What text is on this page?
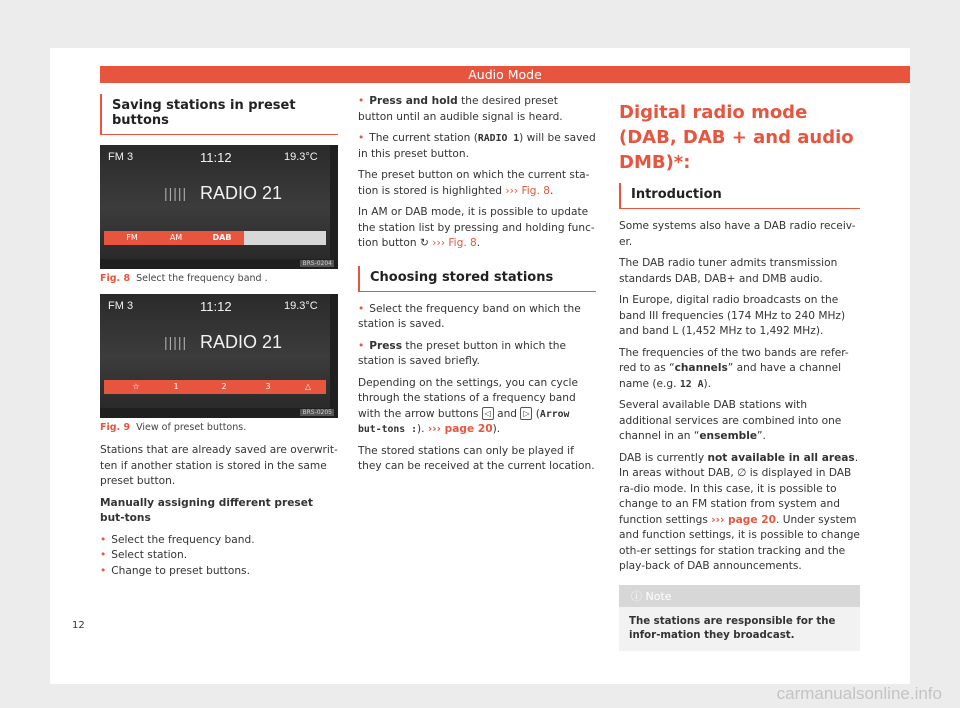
Audio Mode
Saving stations in preset buttons
FM 3	11:12	19.3°C
||||| RADIO 21
FM	AM	DAB
BRS-0204
Fig. 8 Select the frequency band .
FM 3	11:12	19.3°C
||||| RADIO 21
☆	1	2	3	△
BRS-0205
Fig. 9 View of preset buttons.

Stations that are already saved are overwrit-ten if another station is stored in the same preset button.

Manually assigning different preset but-tons

• Select the frequency band.

• Select station.

• Change to preset buttons.

• Press and hold the desired preset button until an audible signal is heard.

• The current station (RADIO 1) will be saved in this preset button.

The preset button on which the current sta-tion is stored is highlighted ››› Fig. 8.

In AM or DAB mode, it is possible to update the station list by pressing and holding func-tion button ↻ ››› Fig. 8.

Choosing stored stations

• Select the frequency band on which the station is saved.

• Press the preset button in which the station is saved briefly.

Depending on the settings, you can cycle through the stations of a frequency band with the arrow buttons ◁ and ▷ (Arrow but-tons :). ››› page 20).

The stored stations can only be played if they can be received at the current location.

Digital radio mode (DAB, DAB + and audio DMB)*:
Introduction

Some systems also have a DAB radio receiv-er.

The DAB radio tuner admits transmission standards DAB, DAB+ and DMB audio.

In Europe, digital radio broadcasts on the band III frequencies (174 MHz to 240 MHz) and band L (1,452 MHz to 1,492 MHz).

The frequencies of the two bands are refer-red to as “channels” and have a channel name (e.g. 12 A).

Several available DAB stations with additional services are combined into one channel in an “ensemble”.

DAB is currently not available in all areas. In areas without DAB, ∅ is displayed in DAB ra-dio mode. In this case, it is possible to change to an FM station from system and function settings ››› page 20. Under system and function settings, it is possible to change oth-er settings for station tracking and the play-back of DAB announcements.

ⓘ Note
The stations are responsible for the infor-mation they broadcast.
12
carmanualsonline.info
